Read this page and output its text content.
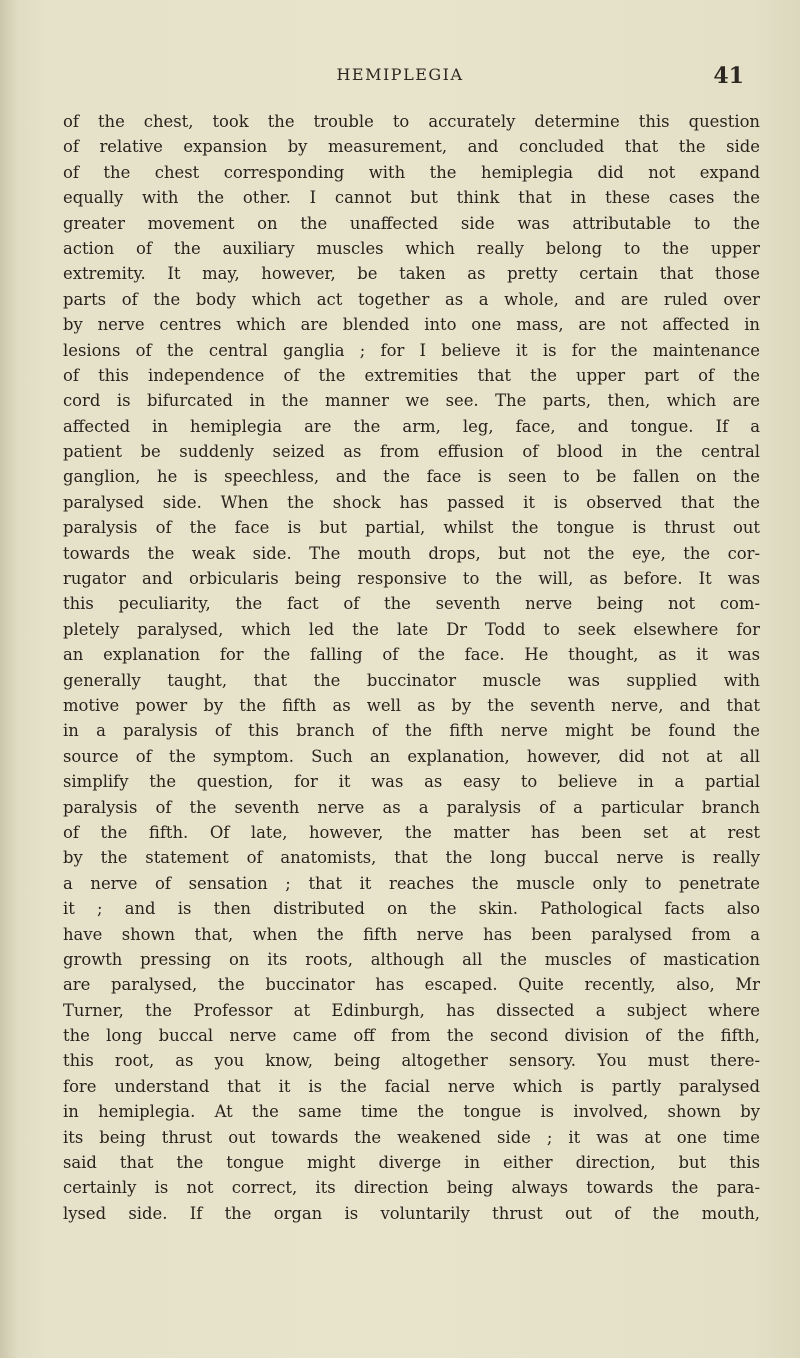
HEMIPLEGIA	41
of the chest, took the trouble to accurately determine this question
of relative expansion by measurement, and concluded that the side
of the chest corresponding with the hemiplegia did not expand
equally with the other. I cannot but think that in these cases the
greater movement on the unaffected side was attributable to the
action of the auxiliary muscles which really belong to the upper
extremity. It may, however, be taken as pretty certain that those
parts of the body which act together as a whole, and are ruled over
by nerve centres which are blended into one mass, are not affected in
lesions of the central ganglia ; for I believe it is for the maintenance
of this independence of the extremities that the upper part of the
cord is bifurcated in the manner we see. The parts, then, which are
affected in hemiplegia are the arm, leg, face, and tongue. If a
patient be suddenly seized as from effusion of blood in the central
ganglion, he is speechless, and the face is seen to be fallen on the
paralysed side. When the shock has passed it is observed that the
paralysis of the face is but partial, whilst the tongue is thrust out
towards the weak side. The mouth drops, but not the eye, the cor-
rugator and orbicularis being responsive to the will, as before. It was
this peculiarity, the fact of the seventh nerve being not com-
pletely paralysed, which led the late Dr Todd to seek elsewhere for
an explanation for the falling of the face. He thought, as it was
generally taught, that the buccinator muscle was supplied with
motive power by the fifth as well as by the seventh nerve, and that
in a paralysis of this branch of the fifth nerve might be found the
source of the symptom. Such an explanation, however, did not at all
simplify the question, for it was as easy to believe in a partial
paralysis of the seventh nerve as a paralysis of a particular branch
of the fifth. Of late, however, the matter has been set at rest
by the statement of anatomists, that the long buccal nerve is really
a nerve of sensation ; that it reaches the muscle only to penetrate
it ; and is then distributed on the skin. Pathological facts also
have shown that, when the fifth nerve has been paralysed from a
growth pressing on its roots, although all the muscles of mastication
are paralysed, the buccinator has escaped. Quite recently, also, Mr
Turner, the Professor at Edinburgh, has dissected a subject where
the long buccal nerve came off from the second division of the fifth,
this root, as you know, being altogether sensory. You must there-
fore understand that it is the facial nerve which is partly paralysed
in hemiplegia. At the same time the tongue is involved, shown by
its being thrust out towards the weakened side ; it was at one time
said that the tongue might diverge in either direction, but this
certainly is not correct, its direction being always towards the para-
lysed side. If the organ is voluntarily thrust out of the mouth,
